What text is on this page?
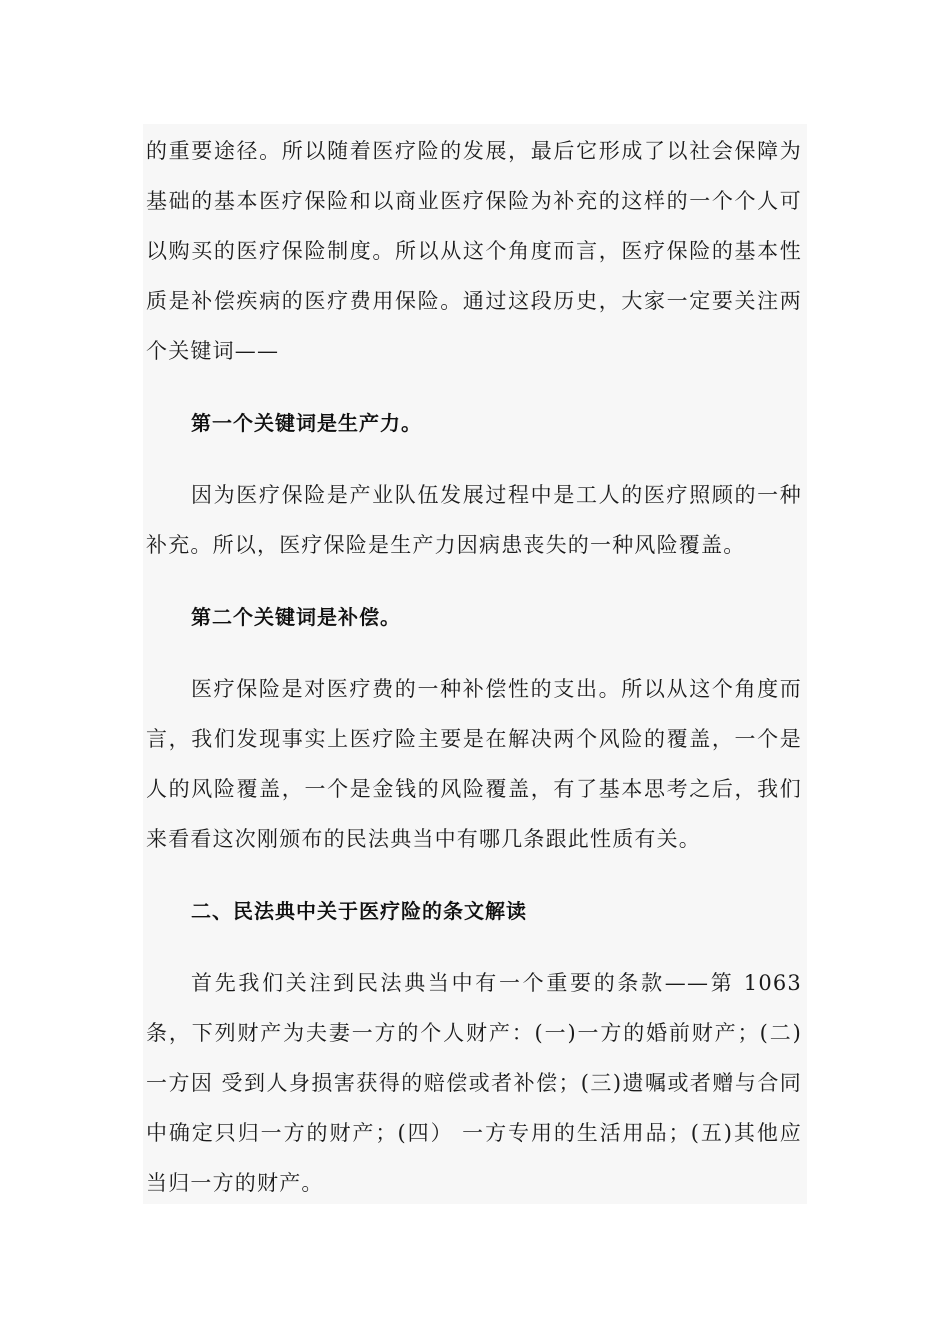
的重要途径。所以随着医疗险的发展，最后它形成了以社会保障为基础的基本医疗保险和以商业医疗保险为补充的这样的一个个人可以购买的医疗保险制度。所以从这个角度而言，医疗保险的基本性质是补偿疾病的医疗费用保险。通过这段历史，大家一定要关注两个关键词——

第一个关键词是生产力。

因为医疗保险是产业队伍发展过程中是工人的医疗照顾的一种补充。所以，医疗保险是生产力因病患丧失的一种风险覆盖。

第二个关键词是补偿。

医疗保险是对医疗费的一种补偿性的支出。所以从这个角度而言，我们发现事实上医疗险主要是在解决两个风险的覆盖，一个是人的风险覆盖，一个是金钱的风险覆盖，有了基本思考之后，我们来看看这次刚颁布的民法典当中有哪几条跟此性质有关。

二、民法典中关于医疗险的条文解读

首先我们关注到民法典当中有一个重要的条款——第 1063 条，下列财产为夫妻一方的个人财产：(一)一方的婚前财产；(二)一方因 受到人身损害获得的赔偿或者补偿；(三)遗嘱或者赠与合同中确定只归一方的财产；(四） 一方专用的生活用品；(五)其他应当归一方的财产。
